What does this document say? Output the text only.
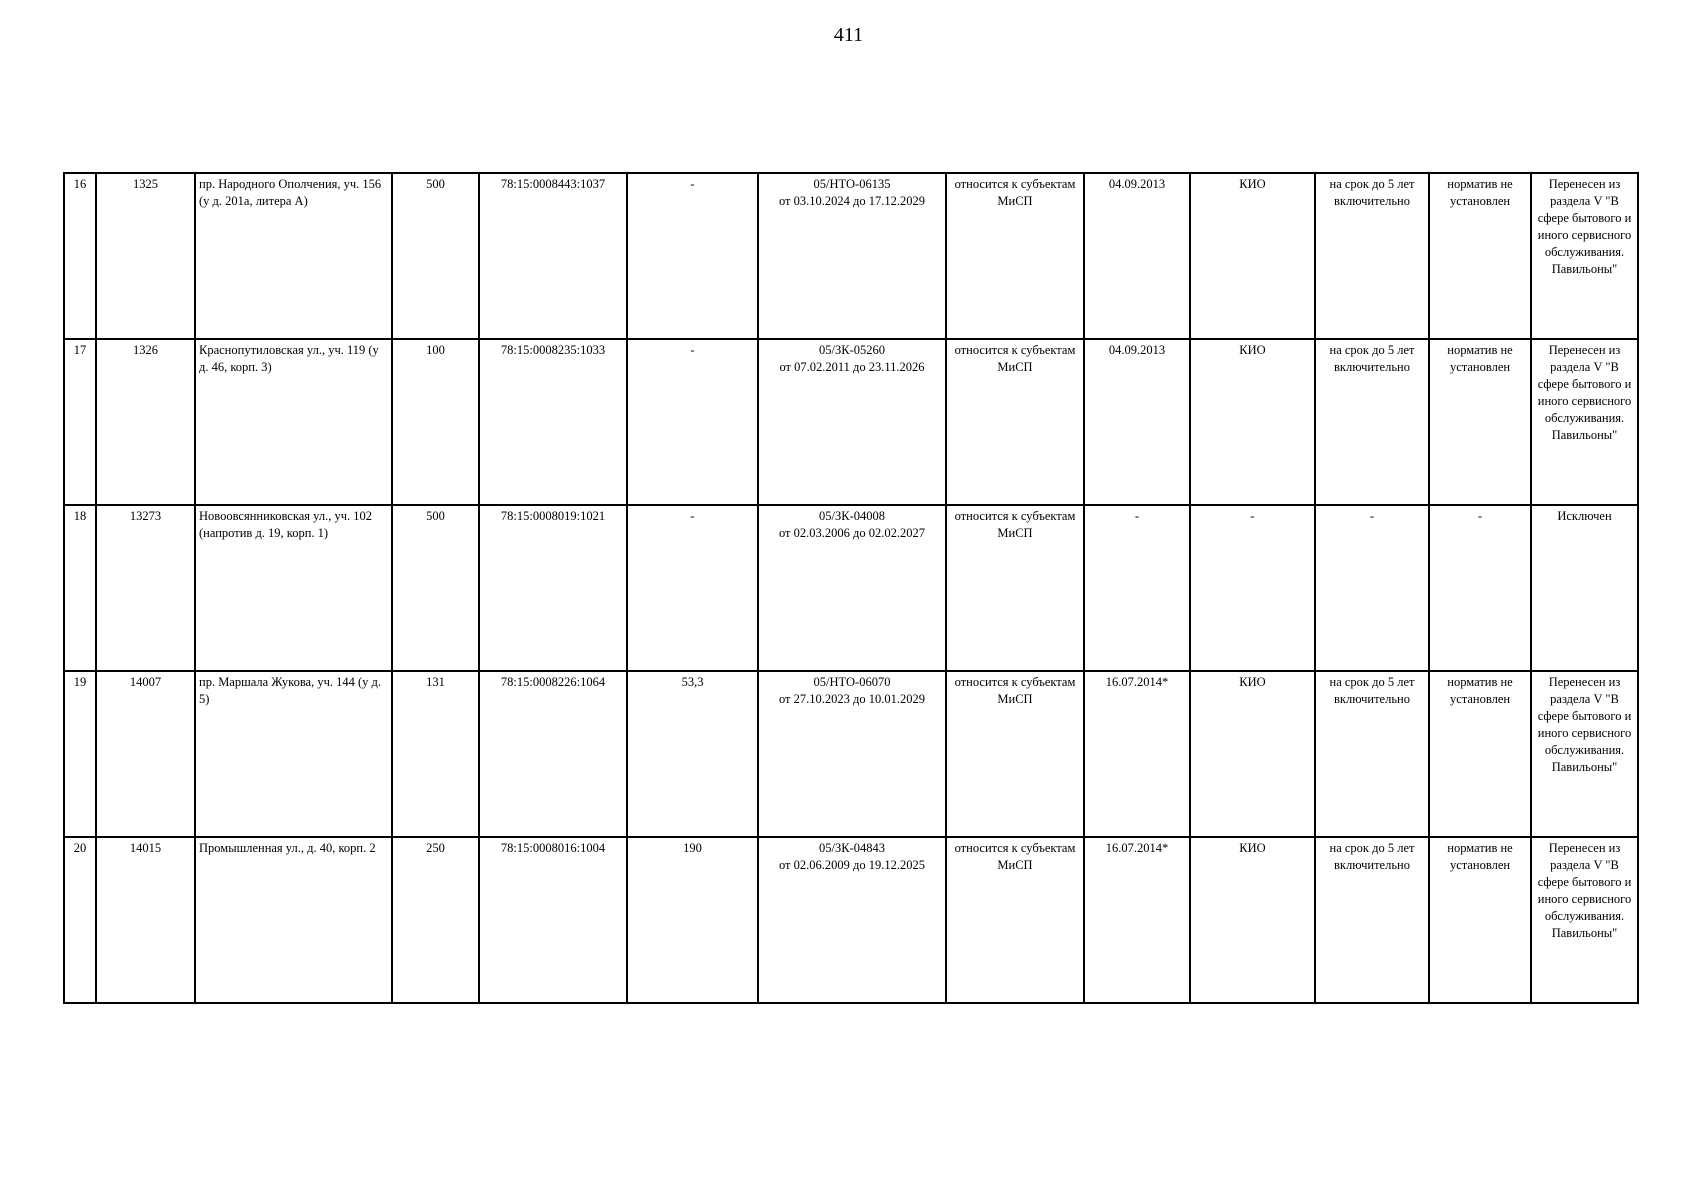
411
16	1325	пр. Народного Ополчения, уч. 156 (у д. 201а, литера А)	500	78:15:0008443:1037	-	05/НТО-06135
от 03.10.2024 до 17.12.2029	относится к субъектам МиСП	04.09.2013	КИО	на срок до 5 лет включительно	норматив не установлен	Перенесен из раздела V "В сфере бытового и иного сервисного обслуживания. Павильоны"
17	1326	Краснопутиловская ул., уч. 119 (у д. 46, корп. 3)	100	78:15:0008235:1033	-	05/ЗК-05260
от 07.02.2011 до 23.11.2026	относится к субъектам МиСП	04.09.2013	КИО	на срок до 5 лет включительно	норматив не установлен	Перенесен из раздела V "В сфере бытового и иного сервисного обслуживания. Павильоны"
18	13273	Новоовсянниковская ул., уч. 102 (напротив д. 19, корп. 1)	500	78:15:0008019:1021	-	05/ЗК-04008
от 02.03.2006 до 02.02.2027	относится к субъектам МиСП	-	-	-	-	Исключен
19	14007	пр. Маршала Жукова, уч. 144 (у д. 5)	131	78:15:0008226:1064	53,3	05/НТО-06070
от 27.10.2023 до 10.01.2029	относится к субъектам МиСП	16.07.2014*	КИО	на срок до 5 лет включительно	норматив не установлен	Перенесен из раздела V "В сфере бытового и иного сервисного обслуживания. Павильоны"
20	14015	Промышленная ул., д. 40, корп. 2	250	78:15:0008016:1004	190	05/ЗК-04843
от 02.06.2009 до 19.12.2025	относится к субъектам МиСП	16.07.2014*	КИО	на срок до 5 лет включительно	норматив не установлен	Перенесен из раздела V "В сфере бытового и иного сервисного обслуживания. Павильоны"
